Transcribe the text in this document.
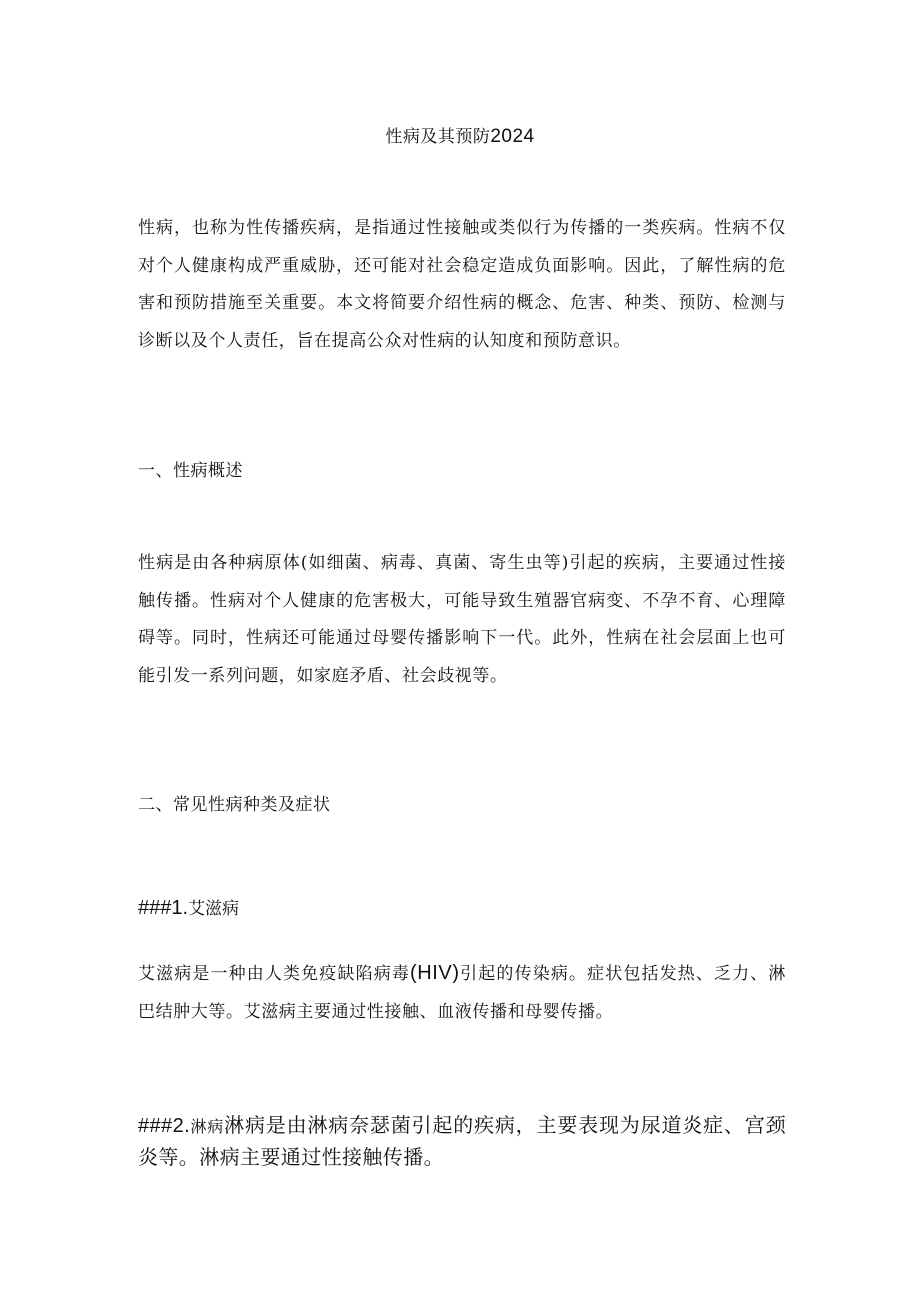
性病及其预防2024

性病，也称为性传播疾病，是指通过性接触或类似行为传播的一类疾病。性病不仅对个人健康构成严重威胁，还可能对社会稳定造成负面影响。因此，了解性病的危害和预防措施至关重要。本文将简要介绍性病的概念、危害、种类、预防、检测与诊断以及个人责任，旨在提高公众对性病的认知度和预防意识。

一、性病概述

性病是由各种病原体(如细菌、病毒、真菌、寄生虫等)引起的疾病，主要通过性接触传播。性病对个人健康的危害极大，可能导致生殖器官病变、不孕不育、心理障碍等。同时，性病还可能通过母婴传播影响下一代。此外，性病在社会层面上也可能引发一系列问题，如家庭矛盾、社会歧视等。

二、常见性病种类及症状

###1.艾滋病

艾滋病是一种由人类免疫缺陷病毒(HIV)引起的传染病。症状包括发热、乏力、淋巴结肿大等。艾滋病主要通过性接触、血液传播和母婴传播。

###2.淋病淋病是由淋病奈瑟菌引起的疾病，主要表现为尿道炎症、宫颈炎等。淋病主要通过性接触传播。
